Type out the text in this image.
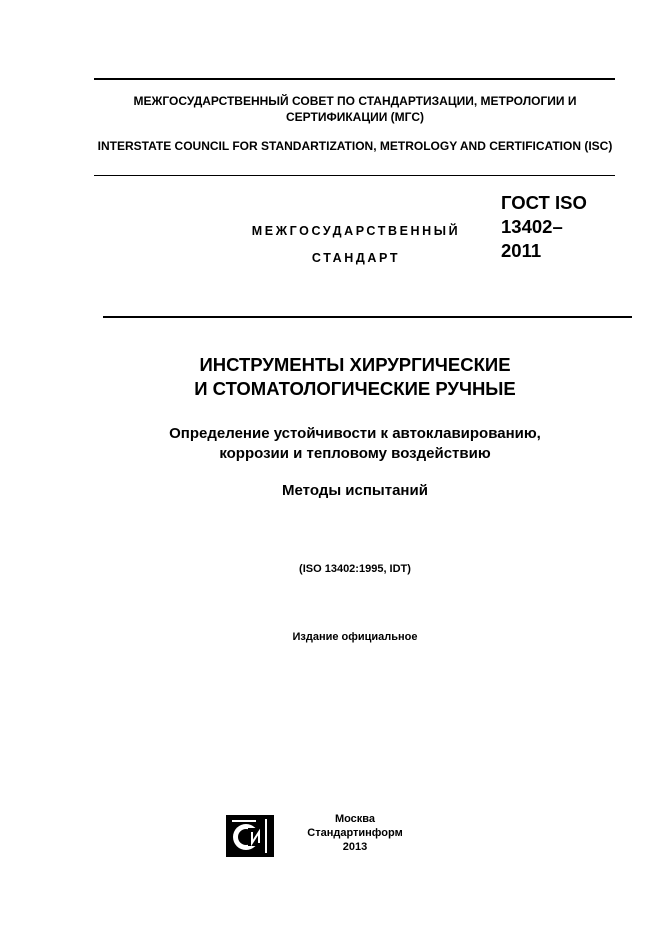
МЕЖГОСУДАРСТВЕННЫЙ СОВЕТ ПО СТАНДАРТИЗАЦИИ, МЕТРОЛОГИИ И СЕРТИФИКАЦИИ (МГС)
INTERSTATE COUNCIL FOR STANDARTIZATION, METROLOGY AND CERTIFICATION (ISC)
МЕЖГОСУДАРСТВЕННЫЙ
СТАНДАРТ
ГОСТ ISO
13402–
2011
ИНСТРУМЕНТЫ ХИРУРГИЧЕСКИЕ
И СТОМАТОЛОГИЧЕСКИЕ РУЧНЫЕ
Определение устойчивости к автоклавированию,
коррозии и тепловому воздействию
Методы испытаний
(ISO 13402:1995, IDT)
Издание официальное
Москва
Стандартинформ
2013
